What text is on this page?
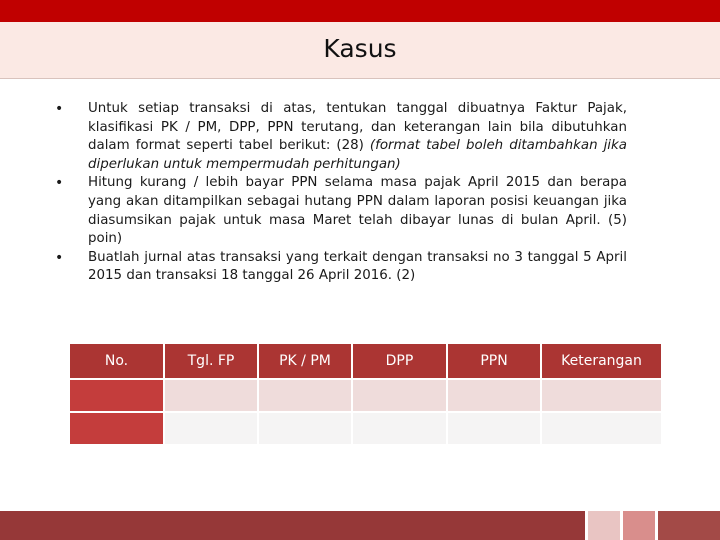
Kasus
• Untuk setiap transaksi di atas, tentukan tanggal dibuatnya Faktur Pajak, klasifikasi PK / PM, DPP, PPN terutang, dan keterangan lain bila dibutuhkan dalam format seperti tabel berikut: (28) (format tabel boleh ditambahkan jika diperlukan untuk mempermudah perhitungan)
• Hitung kurang / lebih bayar PPN selama masa pajak April 2015 dan berapa yang akan ditampilkan sebagai hutang PPN dalam laporan posisi keuangan jika diasumsikan pajak untuk masa Maret telah dibayar lunas di bulan April. (5) poin)
• Buatlah jurnal atas transaksi yang terkait dengan transaksi no 3 tanggal 5 April 2015 dan transaksi 18 tanggal 26 April 2016. (2)
No.	Tgl. FP	PK / PM	DPP	PPN	Keterangan
